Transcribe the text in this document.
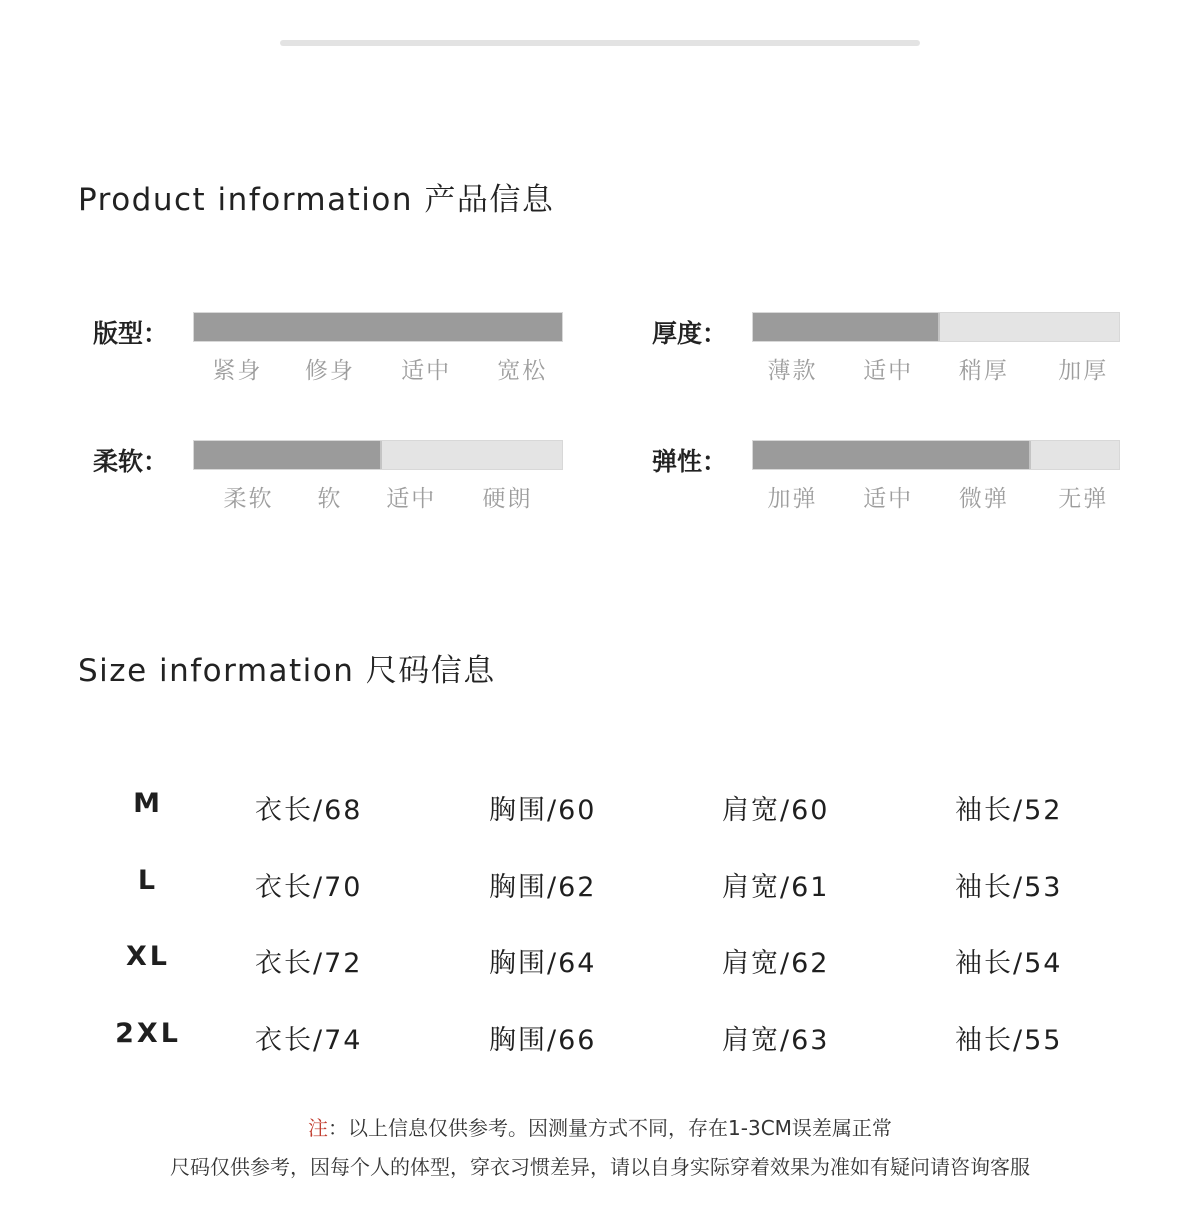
Product information 产品信息
版型：
紧身 修身 适中 宽松
厚度：
薄款 适中 稍厚 加厚
柔软：
柔软 软 适中 硬朗
弹性：
加弹 适中 微弹 无弹
Size information 尺码信息
M	衣长/68	胸围/60	肩宽/60	袖长/52
L	衣长/70	胸围/62	肩宽/61	袖长/53
XL	衣长/72	胸围/64	肩宽/62	袖长/54
2XL	衣长/74	胸围/66	肩宽/63	袖长/55
注：以上信息仅供参考。因测量方式不同，存在1-3CM误差属正常
尺码仅供参考，因每个人的体型，穿衣习惯差异，请以自身实际穿着效果为准如有疑问请咨询客服
